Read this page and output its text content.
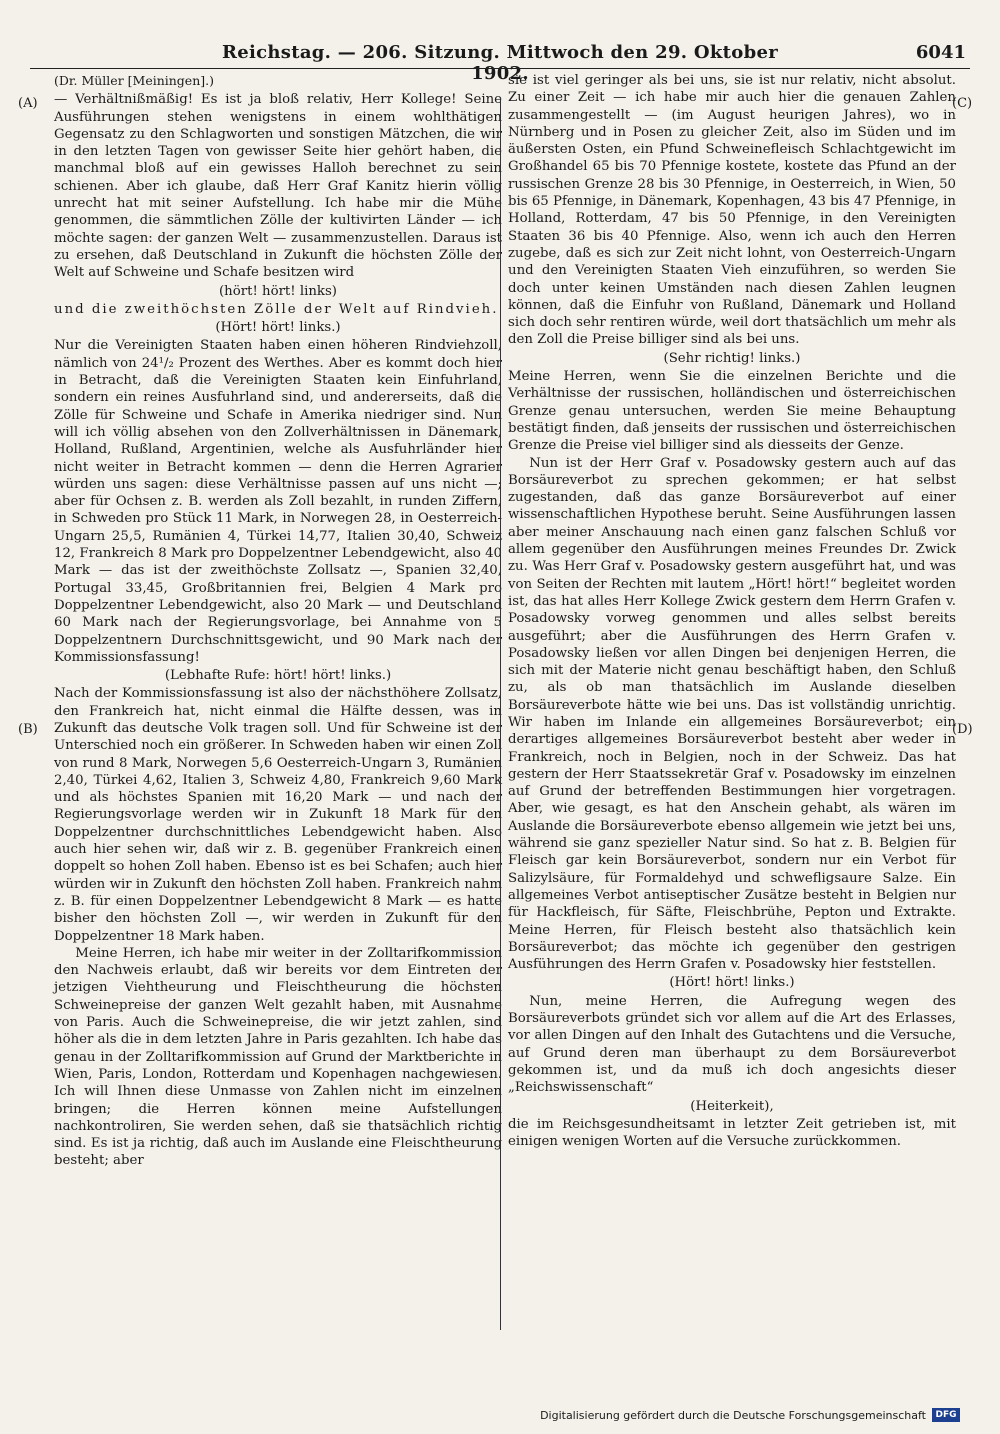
Reichstag. — 206. Sitzung. Mittwoch den 29. Oktober 1902.
6041
(A)
(B)
(C)
(D)

(Dr. Müller [Meiningen].)

— Verhältnißmäßig! Es ist ja bloß relativ, Herr Kollege! Seine Ausführungen stehen wenigstens in einem wohlthätigen Gegensatz zu den Schlagworten und sonstigen Mätzchen, die wir in den letzten Tagen von gewisser Seite hier gehört haben, die manchmal bloß auf ein gewisses Halloh berechnet zu sein schienen. Aber ich glaube, daß Herr Graf Kanitz hierin völlig unrecht hat mit seiner Aufstellung. Ich habe mir die Mühe genommen, die sämmtlichen Zölle der kultivirten Länder — ich möchte sagen: der ganzen Welt — zusammenzustellen. Daraus ist zu ersehen, daß Deutschland in Zukunft die höchsten Zölle der Welt auf Schweine und Schafe besitzen wird

(hört! hört! links)

und die zweithöchsten Zölle der Welt auf Rindvieh.

(Hört! hört! links.)

Nur die Vereinigten Staaten haben einen höheren Rindviehzoll, nämlich von 24¹/₂ Prozent des Werthes. Aber es kommt doch hier in Betracht, daß die Vereinigten Staaten kein Einfuhrland, sondern ein reines Ausfuhrland sind, und andererseits, daß die Zölle für Schweine und Schafe in Amerika niedriger sind. Nun will ich völlig absehen von den Zollverhältnissen in Dänemark, Holland, Rußland, Argentinien, welche als Ausfuhrländer hier nicht weiter in Betracht kommen — denn die Herren Agrarier würden uns sagen: diese Verhältnisse passen auf uns nicht —; aber für Ochsen z. B. werden als Zoll bezahlt, in runden Ziffern, in Schweden pro Stück 11 Mark, in Norwegen 28, in Oesterreich-Ungarn 25,5, Rumänien 4, Türkei 14,77, Italien 30,40, Schweiz 12, Frankreich 8 Mark pro Doppelzentner Lebendgewicht, also 40 Mark — das ist der zweithöchste Zollsatz —, Spanien 32,40, Portugal 33,45, Großbritannien frei, Belgien 4 Mark pro Doppelzentner Lebendgewicht, also 20 Mark — und Deutschland 60 Mark nach der Regierungsvorlage, bei Annahme von 5 Doppelzentnern Durchschnittsgewicht, und 90 Mark nach der Kommissionsfassung!

(Lebhafte Rufe: hört! hört! links.)

Nach der Kommissionsfassung ist also der nächsthöhere Zollsatz, den Frankreich hat, nicht einmal die Hälfte dessen, was in Zukunft das deutsche Volk tragen soll. Und für Schweine ist der Unterschied noch ein größerer. In Schweden haben wir einen Zoll von rund 8 Mark, Norwegen 5,6 Oesterreich-Ungarn 3, Rumänien 2,40, Türkei 4,62, Italien 3, Schweiz 4,80, Frankreich 9,60 Mark und als höchstes Spanien mit 16,20 Mark — und nach der Regierungsvorlage werden wir in Zukunft 18 Mark für den Doppelzentner durchschnittliches Lebendgewicht haben. Also auch hier sehen wir, daß wir z. B. gegenüber Frankreich einen doppelt so hohen Zoll haben. Ebenso ist es bei Schafen; auch hier würden wir in Zukunft den höchsten Zoll haben. Frankreich nahm z. B. für einen Doppelzentner Lebendgewicht 8 Mark — es hatte bisher den höchsten Zoll —, wir werden in Zukunft für den Doppelzentner 18 Mark haben.

Meine Herren, ich habe mir weiter in der Zolltarifkommission den Nachweis erlaubt, daß wir bereits vor dem Eintreten der jetzigen Viehtheurung und Fleischtheurung die höchsten Schweinepreise der ganzen Welt gezahlt haben, mit Ausnahme von Paris. Auch die Schweinepreise, die wir jetzt zahlen, sind höher als die in dem letzten Jahre in Paris gezahlten. Ich habe das genau in der Zolltarifkommission auf Grund der Marktberichte in Wien, Paris, London, Rotterdam und Kopenhagen nachgewiesen. Ich will Ihnen diese Unmasse von Zahlen nicht im einzelnen bringen; die Herren können meine Aufstellungen nachkontroliren, Sie werden sehen, daß sie thatsächlich richtig sind. Es ist ja richtig, daß auch im Auslande eine Fleischtheurung besteht; aber

sie ist viel geringer als bei uns, sie ist nur relativ, nicht absolut. Zu einer Zeit — ich habe mir auch hier die genauen Zahlen zusammengestellt — (im August heurigen Jahres), wo in Nürnberg und in Posen zu gleicher Zeit, also im Süden und im äußersten Osten, ein Pfund Schweinefleisch Schlachtgewicht im Großhandel 65 bis 70 Pfennige kostete, kostete das Pfund an der russischen Grenze 28 bis 30 Pfennige, in Oesterreich, in Wien, 50 bis 65 Pfennige, in Dänemark, Kopenhagen, 43 bis 47 Pfennige, in Holland, Rotterdam, 47 bis 50 Pfennige, in den Vereinigten Staaten 36 bis 40 Pfennige. Also, wenn ich auch den Herren zugebe, daß es sich zur Zeit nicht lohnt, von Oesterreich-Ungarn und den Vereinigten Staaten Vieh einzuführen, so werden Sie doch unter keinen Umständen nach diesen Zahlen leugnen können, daß die Einfuhr von Rußland, Dänemark und Holland sich doch sehr rentiren würde, weil dort thatsächlich um mehr als den Zoll die Preise billiger sind als bei uns.

(Sehr richtig! links.)

Meine Herren, wenn Sie die einzelnen Berichte und die Verhältnisse der russischen, holländischen und österreichischen Grenze genau untersuchen, werden Sie meine Behauptung bestätigt finden, daß jenseits der russischen und österreichischen Grenze die Preise viel billiger sind als diesseits der Genze.

Nun ist der Herr Graf v. Posadowsky gestern auch auf das Borsäureverbot zu sprechen gekommen; er hat selbst zugestanden, daß das ganze Borsäureverbot auf einer wissenschaftlichen Hypothese beruht. Seine Ausführungen lassen aber meiner Anschauung nach einen ganz falschen Schluß vor allem gegenüber den Ausführungen meines Freundes Dr. Zwick zu. Was Herr Graf v. Posadowsky gestern ausgeführt hat, und was von Seiten der Rechten mit lautem „Hört! hört!“ begleitet worden ist, das hat alles Herr Kollege Zwick gestern dem Herrn Grafen v. Posadowsky vorweg genommen und alles selbst bereits ausgeführt; aber die Ausführungen des Herrn Grafen v. Posadowsky ließen vor allen Dingen bei denjenigen Herren, die sich mit der Materie nicht genau beschäftigt haben, den Schluß zu, als ob man thatsächlich im Auslande dieselben Borsäureverbote hätte wie bei uns. Das ist vollständig unrichtig. Wir haben im Inlande ein allgemeines Borsäureverbot; ein derartiges allgemeines Borsäureverbot besteht aber weder in Frankreich, noch in Belgien, noch in der Schweiz. Das hat gestern der Herr Staatssekretär Graf v. Posadowsky im einzelnen auf Grund der betreffenden Bestimmungen hier vorgetragen. Aber, wie gesagt, es hat den Anschein gehabt, als wären im Auslande die Borsäureverbote ebenso allgemein wie jetzt bei uns, während sie ganz spezieller Natur sind. So hat z. B. Belgien für Fleisch gar kein Borsäureverbot, sondern nur ein Verbot für Salizylsäure, für Formaldehyd und schwefligsaure Salze. Ein allgemeines Verbot antiseptischer Zusätze besteht in Belgien nur für Hackfleisch, für Säfte, Fleischbrühe, Pepton und Extrakte. Meine Herren, für Fleisch besteht also thatsächlich kein Borsäureverbot; das möchte ich gegenüber den gestrigen Ausführungen des Herrn Grafen v. Posadowsky hier feststellen.

(Hört! hört! links.)

Nun, meine Herren, die Aufregung wegen des Borsäureverbots gründet sich vor allem auf die Art des Erlasses, vor allen Dingen auf den Inhalt des Gutachtens und die Versuche, auf Grund deren man überhaupt zu dem Borsäureverbot gekommen ist, und da muß ich doch angesichts dieser „Reichswissenschaft“

(Heiterkeit),

die im Reichsgesundheitsamt in letzter Zeit getrieben ist, mit einigen wenigen Worten auf die Versuche zurückkommen.

Digitalisierung gefördert durch die Deutsche Forschungsgemeinschaft	DFG
